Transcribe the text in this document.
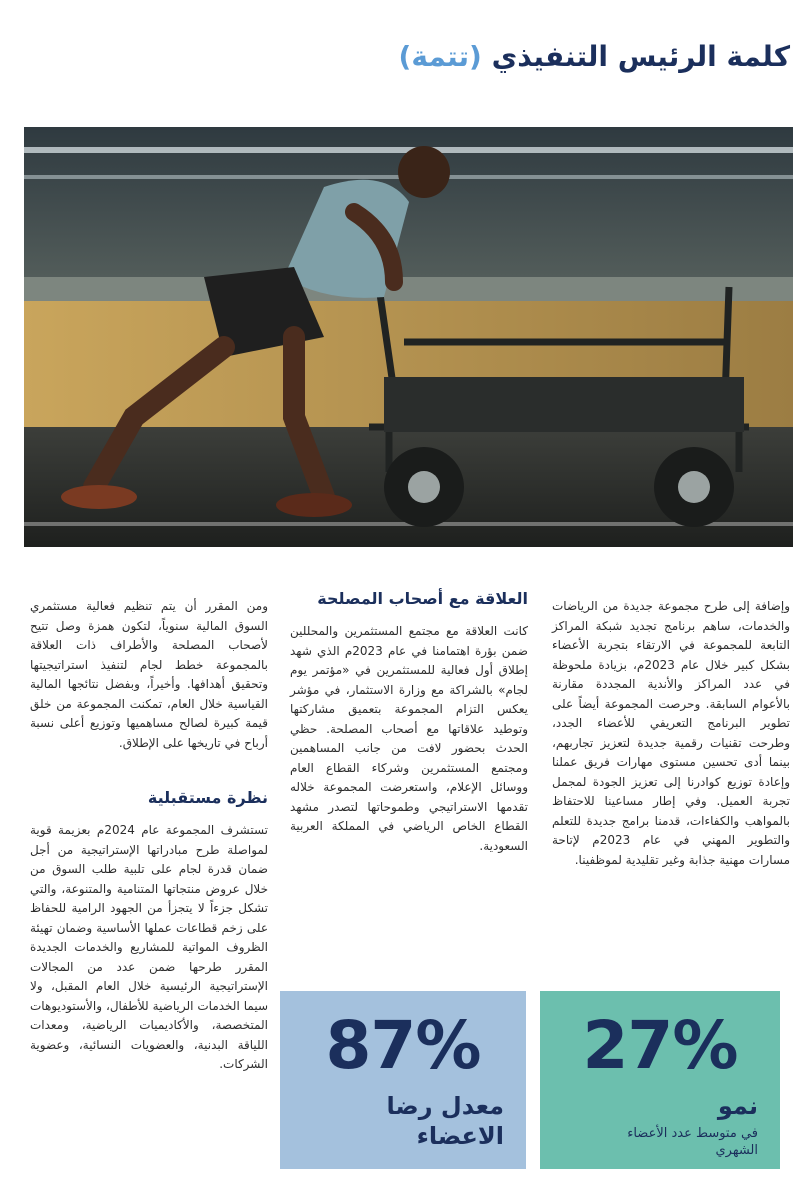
كلمة الرئيس التنفيذي (تتمة)

وإضافة إلى طرح مجموعة جديدة من الرياضات والخدمات، ساهم برنامج تجديد شبكة المراكز التابعة للمجموعة في الارتقاء بتجربة الأعضاء بشكل كبير خلال عام 2023م، بزيادة ملحوظة في عدد المراكز والأندية المجددة مقارنة بالأعوام السابقة. وحرصت المجموعة أيضاً على تطوير البرنامج التعريفي للأعضاء الجدد، وطرحت تقنيات رقمية جديدة لتعزيز تجاربهم، بينما أدى تحسين مستوى مهارات فريق عملنا وإعادة توزيع كوادرنا إلى تعزيز الجودة لمجمل تجربة العميل. وفي إطار مساعينا للاحتفاظ بالمواهب والكفاءات، قدمنا برامج جديدة للتعلم والتطوير المهني في عام 2023م لإتاحة مسارات مهنية جذابة وغير تقليدية لموظفينا.

العلاقة مع أصحاب المصلحة

كانت العلاقة مع مجتمع المستثمرين والمحللين ضمن بؤرة اهتمامنا في عام 2023م الذي شهد إطلاق أول فعالية للمستثمرين في «مؤتمر يوم لجام» بالشراكة مع وزارة الاستثمار، في مؤشر يعكس التزام المجموعة بتعميق مشاركتها وتوطيد علاقاتها مع أصحاب المصلحة. حظي الحدث بحضور لافت من جانب المساهمين ومجتمع المستثمرين وشركاء القطاع العام ووسائل الإعلام، واستعرضت المجموعة خلاله تقدمها الاستراتيجي وطموحاتها لتصدر مشهد القطاع الخاص الرياضي في المملكة العربية السعودية.

ومن المقرر أن يتم تنظيم فعالية مستثمري السوق المالية سنوياً، لتكون همزة وصل تتيح لأصحاب المصلحة والأطراف ذات العلاقة بالمجموعة خطط لجام لتنفيذ استراتيجيتها وتحقيق أهدافها. وأخيراً، وبفضل نتائجها المالية القياسية خلال العام، تمكنت المجموعة من خلق قيمة كبيرة لصالح مساهميها وتوزيع أعلى نسبة أرباح في تاريخها على الإطلاق.

نظرة مستقبلية

تستشرف المجموعة عام 2024م بعزيمة قوية لمواصلة طرح مبادراتها الإستراتيجية من أجل ضمان قدرة لجام على تلبية طلب السوق من خلال عروض منتجاتها المتنامية والمتنوعة، والتي تشكل جزءاً لا يتجزأ من الجهود الرامية للحفاظ على زخم قطاعات عملها الأساسية وضمان تهيئة الظروف المواتية للمشاريع والخدمات الجديدة المقرر طرحها ضمن عدد من المجالات الإستراتيجية الرئيسية خلال العام المقبل، ولا سيما الخدمات الرياضية للأطفال، والأستوديوهات المتخصصة، والأكاديميات الرياضية، ومعدات اللياقة البدنية، والعضويات النسائية، وعضوية الشركات.	27%
نمو
في متوسط عدد الأعضاء الشهري
87%
معدل رضا الاعضاء
